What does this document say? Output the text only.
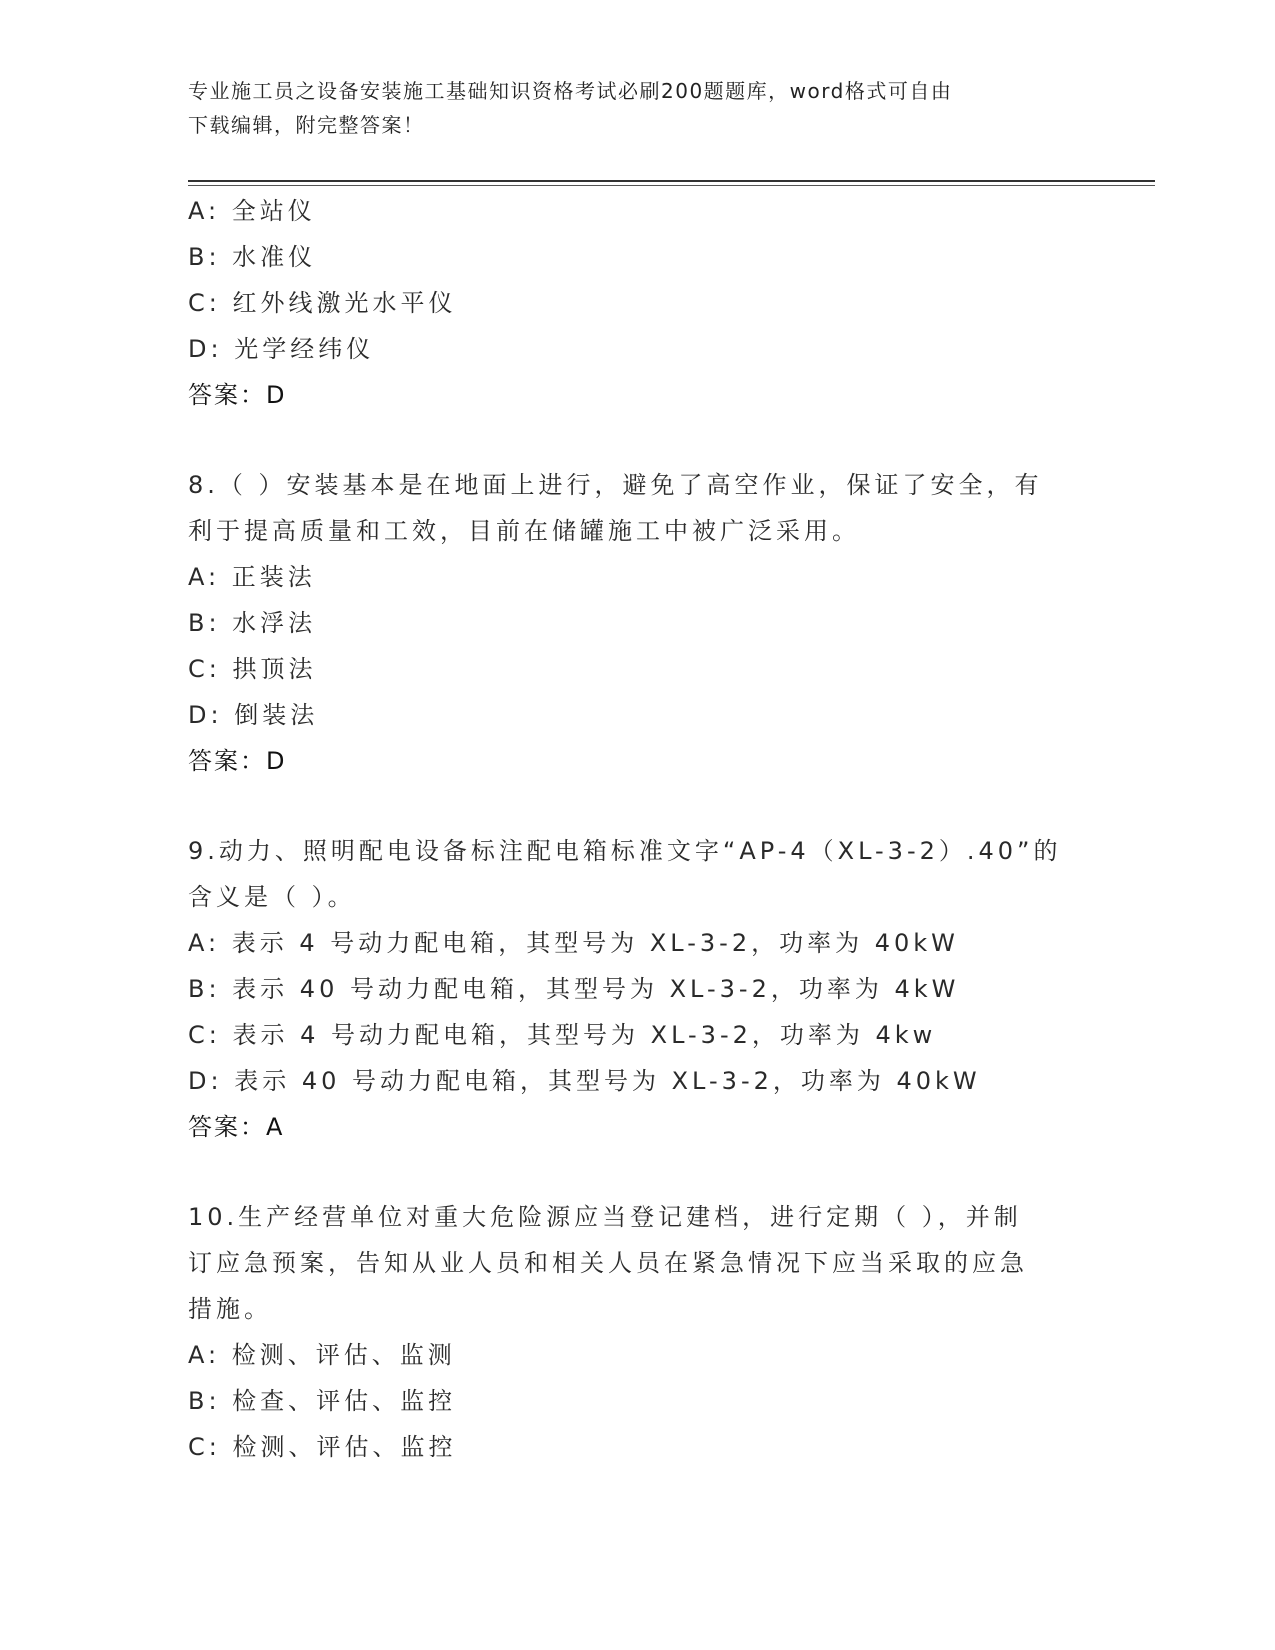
专业施工员之设备安装施工基础知识资格考试必刷200题题库，word格式可自由
下载编辑，附完整答案！
A: 全站仪
B: 水准仪
C: 红外线激光水平仪
D: 光学经纬仪
答案：D
8.（ ）安装基本是在地面上进行，避免了高空作业，保证了安全，有
利于提高质量和工效，目前在储罐施工中被广泛采用。
A: 正装法
B: 水浮法
C: 拱顶法
D: 倒装法
答案：D
9.动力、照明配电设备标注配电箱标准文字“AP-4（XL-3-2）.40”的
含义是（ ）。
A: 表示 4 号动力配电箱，其型号为 XL-3-2，功率为 40kW
B: 表示 40 号动力配电箱，其型号为 XL-3-2，功率为 4kW
C: 表示 4 号动力配电箱，其型号为 XL-3-2，功率为 4kw
D: 表示 40 号动力配电箱，其型号为 XL-3-2，功率为 40kW
答案：A
10.生产经营单位对重大危险源应当登记建档，进行定期（ ），并制
订应急预案，告知从业人员和相关人员在紧急情况下应当采取的应急
措施。
A: 检测、评估、监测
B: 检查、评估、监控
C: 检测、评估、监控
